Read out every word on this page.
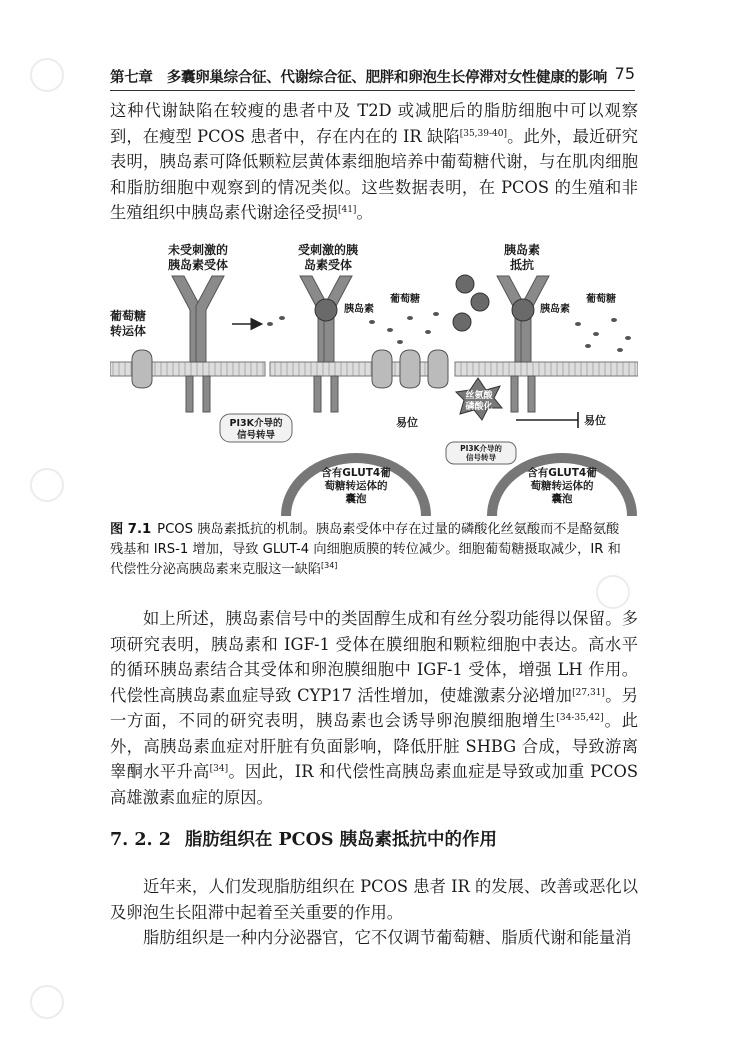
第七章　多囊卵巢综合征、代谢综合征、肥胖和卵泡生长停滞对女性健康的影响 75

这种代谢缺陷在较瘦的患者中及 T2D 或减肥后的脂肪细胞中可以观察到，在瘦型 PCOS 患者中，存在内在的 IR 缺陷[35,39-40]。此外，最近研究表明，胰岛素可降低颗粒层黄体素细胞培养中葡萄糖代谢，与在肌肉细胞和脂肪细胞中观察到的情况类似。这些数据表明，在 PCOS 的生殖和非生殖组织中胰岛素代谢途径受损[41]。

未受刺激的
胰岛素受体
受刺激的胰
岛素受体
胰岛素
抵抗
葡萄糖
转运体
胰岛素
葡萄糖
胰岛素
葡萄糖
PI3K介导的
信号转导
易位
含有GLUT4葡
萄糖转运体的
囊泡
丝氨酸
磷酸化
PI3K介导的
信号转导
易位
含有GLUT4葡
萄糖转运体的
囊泡

图 7.1 PCOS 胰岛素抵抗的机制。胰岛素受体中存在过量的磷酸化丝氨酸而不是酪氨酸残基和 IRS-1 增加，导致 GLUT-4 向细胞质膜的转位减少。细胞葡萄糖摄取减少，IR 和代偿性分泌高胰岛素来克服这一缺陷[34]

如上所述，胰岛素信号中的类固醇生成和有丝分裂功能得以保留。多项研究表明，胰岛素和 IGF-1 受体在膜细胞和颗粒细胞中表达。高水平的循环胰岛素结合其受体和卵泡膜细胞中 IGF-1 受体，增强 LH 作用。代偿性高胰岛素血症导致 CYP17 活性增加，使雄激素分泌增加[27,31]。另一方面，不同的研究表明，胰岛素也会诱导卵泡膜细胞增生[34-35,42]。此外，高胰岛素血症对肝脏有负面影响，降低肝脏 SHBG 合成，导致游离睾酮水平升高[34]。因此，IR 和代偿性高胰岛素血症是导致或加重 PCOS 高雄激素血症的原因。

7. 2. 2 脂肪组织在 PCOS 胰岛素抵抗中的作用

近年来，人们发现脂肪组织在 PCOS 患者 IR 的发展、改善或恶化以及卵泡生长阻滞中起着至关重要的作用。

脂肪组织是一种内分泌器官，它不仅调节葡萄糖、脂质代谢和能量消
